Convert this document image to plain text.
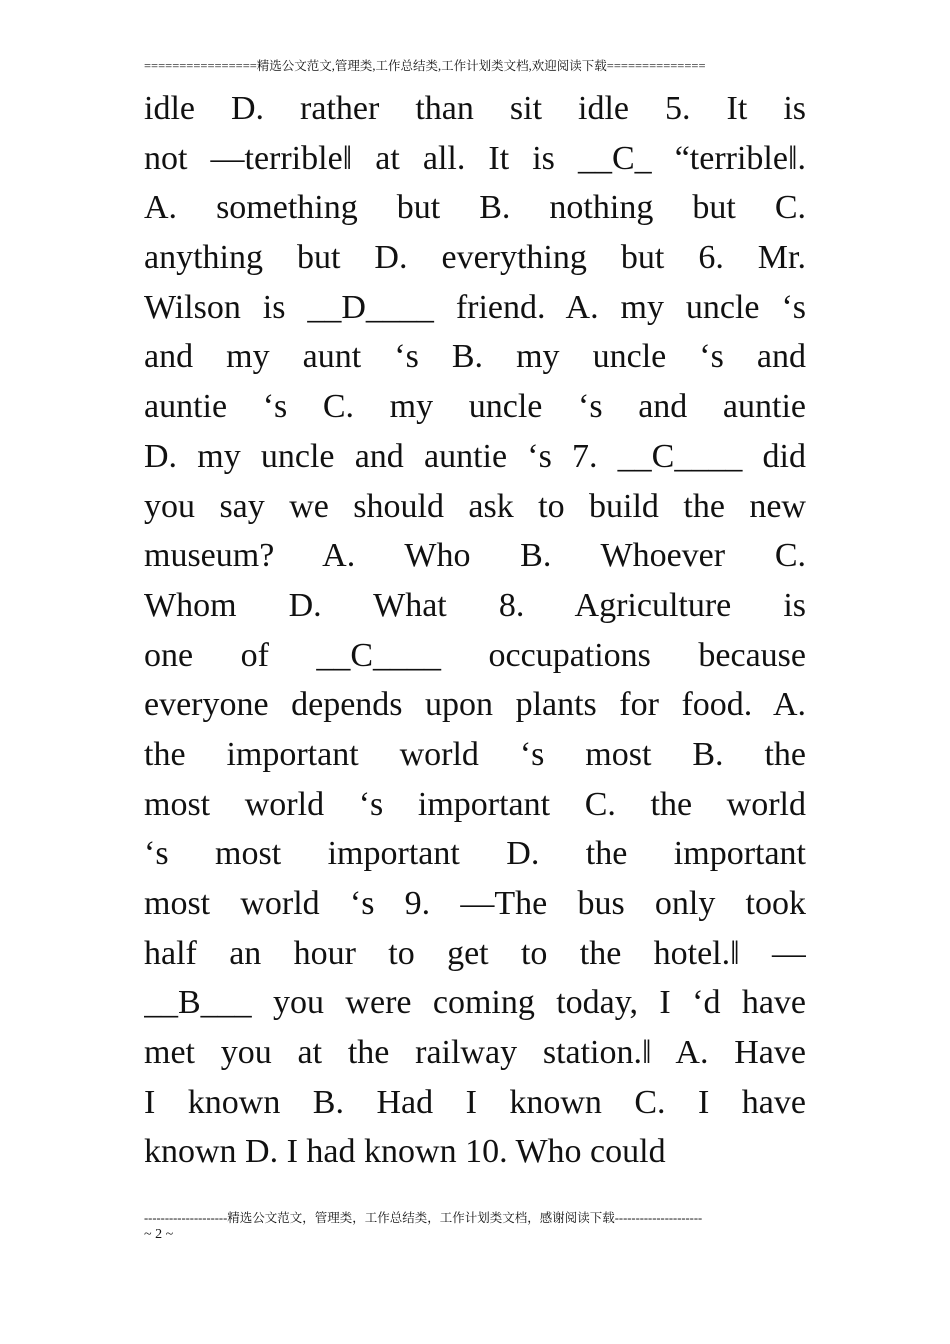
================精选公文范文,管理类,工作总结类,工作计划类文档,欢迎阅读下载==============
idle D. rather than sit idle 5. It is
not ―terrible‖ at all. It is __C_ “terrible‖.
A. something but B. nothing but C.
anything but D. everything but 6. Mr.
Wilson is __D____ friend. A. my uncle ‘s
and my aunt ‘s B. my uncle ‘s and
auntie ‘s C. my uncle ‘s and auntie
D. my uncle and auntie ‘s 7. __C____ did
you say we should ask to build the new
museum? A. Who B. Whoever C.
Whom D. What 8. Agriculture is
one of __C____ occupations because
everyone depends upon plants for food. A.
the important world ‘s most B. the
most world ‘s important C. the world
‘s most important D. the important
most world ‘s 9. ―The bus only took
half an hour to get to the hotel.‖ ―
__B___ you were coming today, I ‘d have
met you at the railway station.‖ A. Have
I known B. Had I known C. I have
known D. I had known 10. Who could
--------------------精选公文范文，管理类，工作总结类，工作计划类文档，感谢阅读下载---------------------
~ 2 ~
